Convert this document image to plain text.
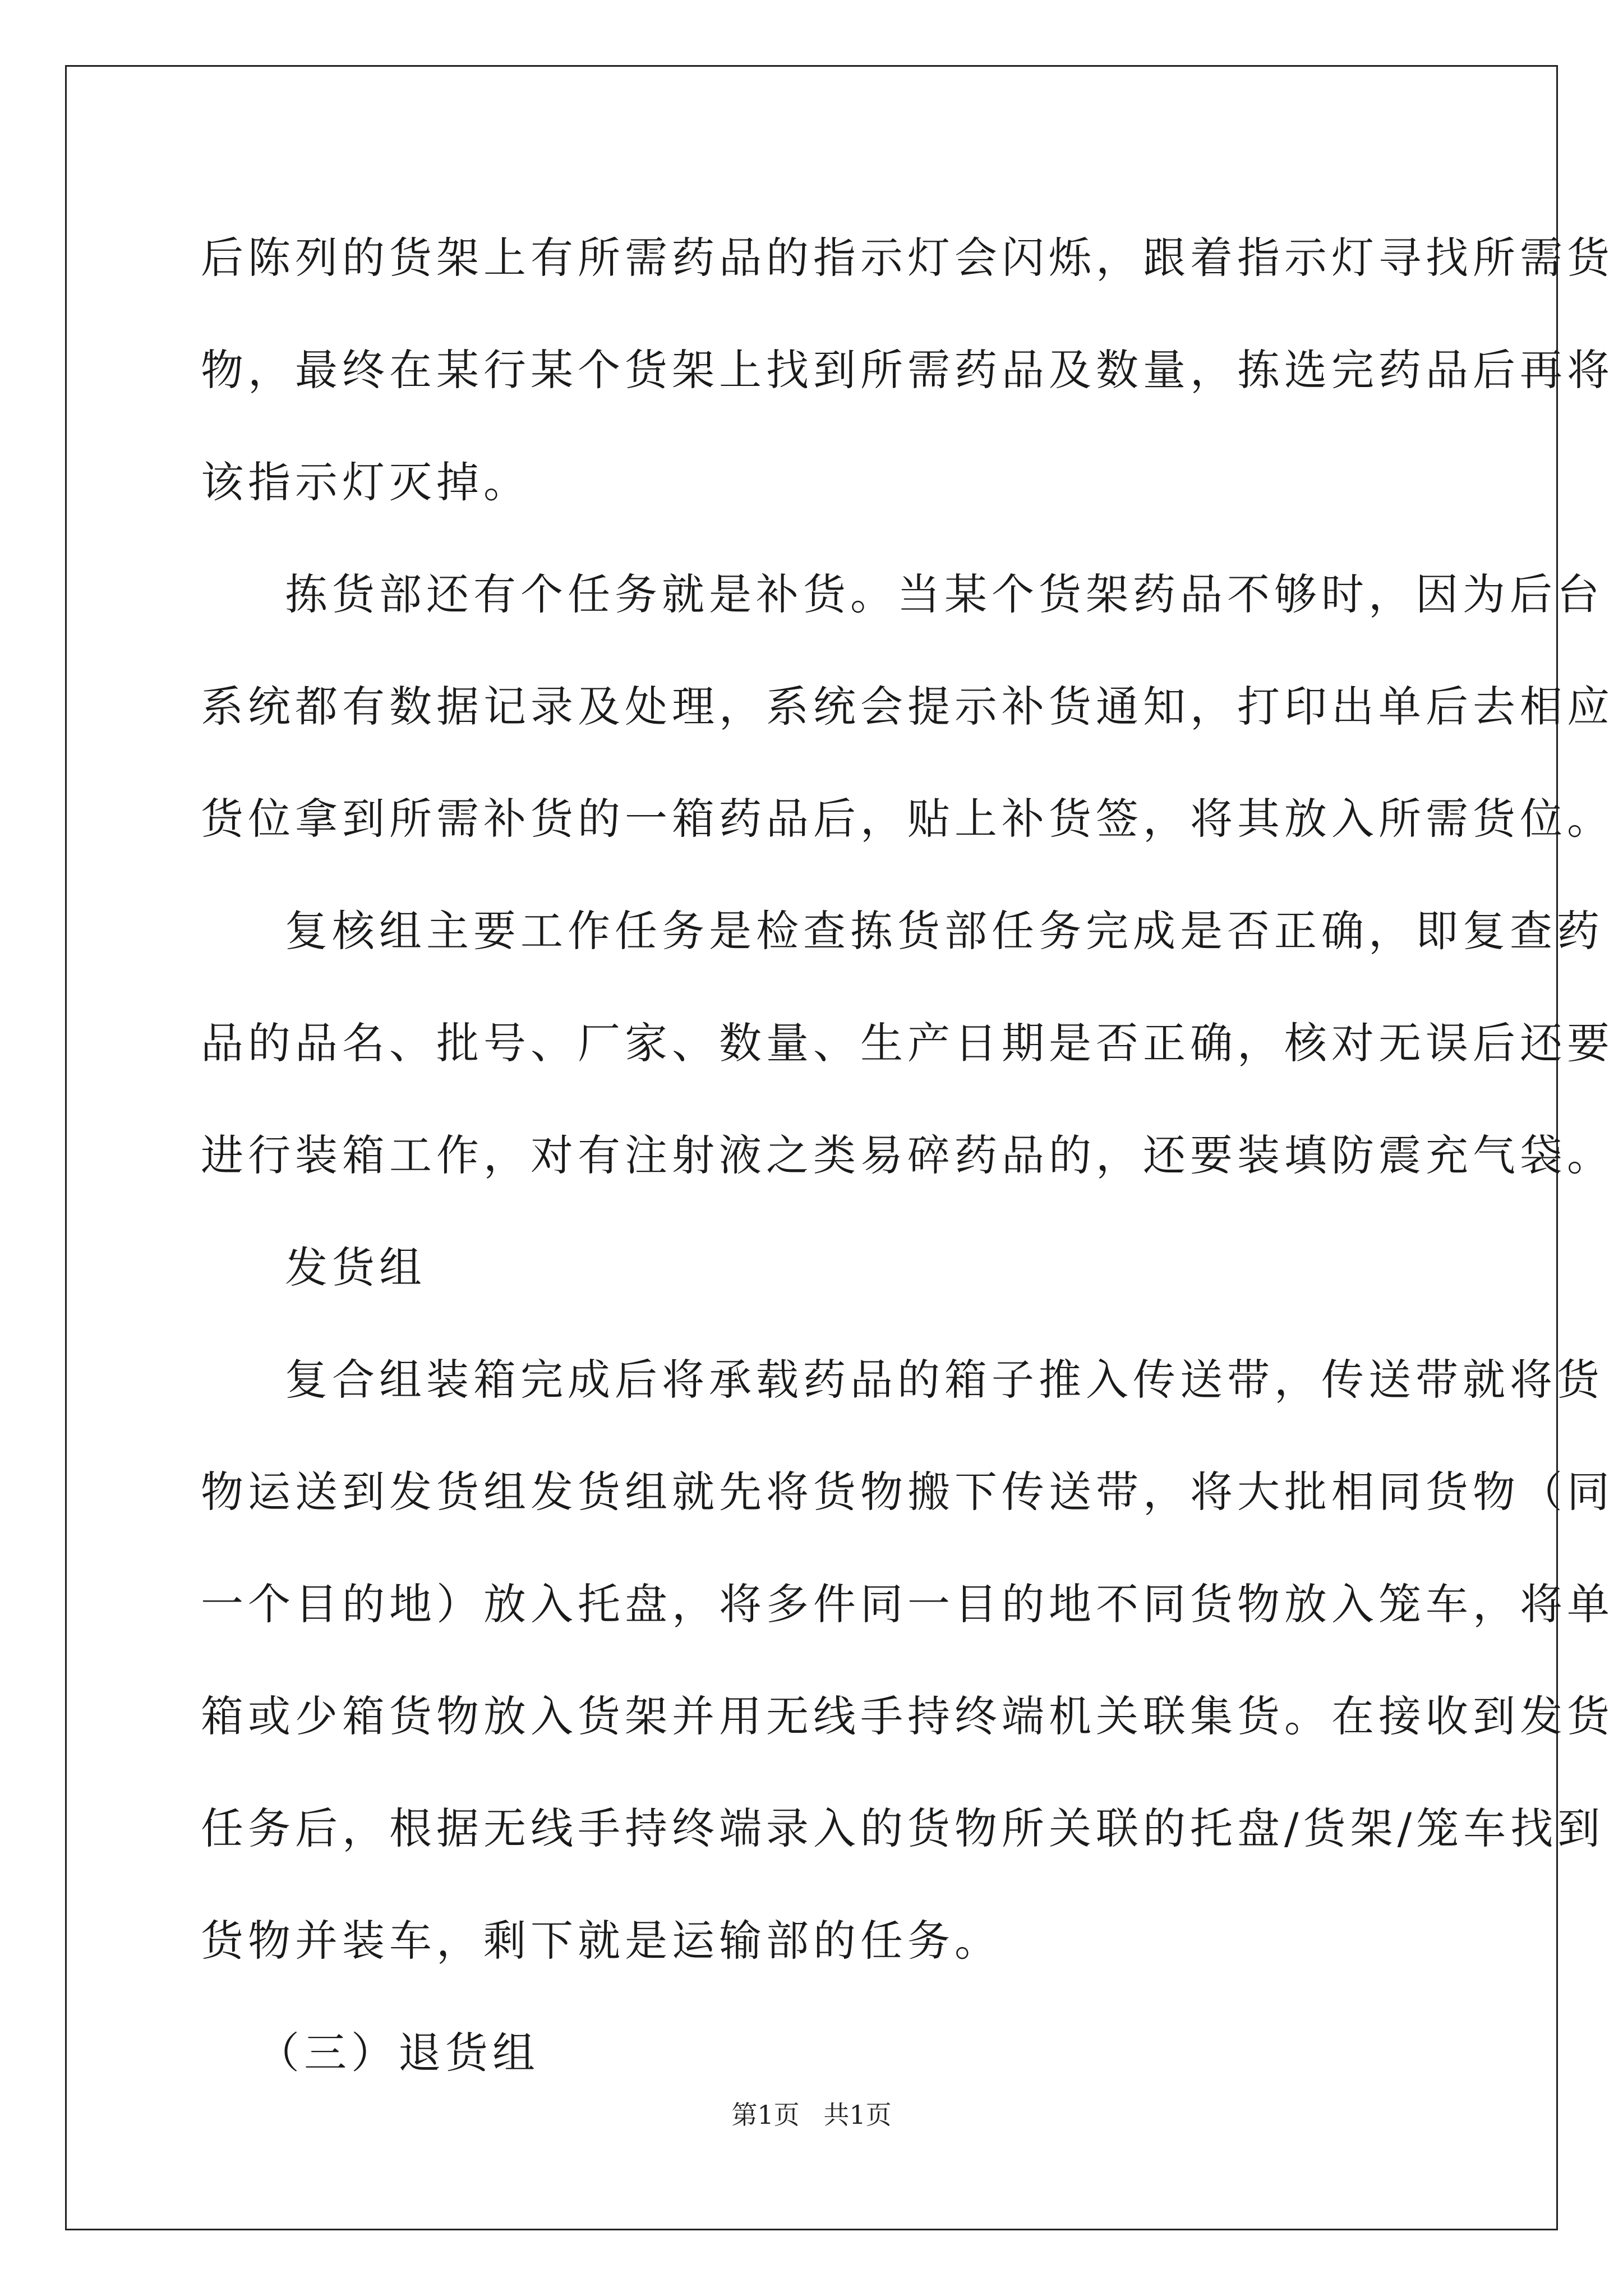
后陈列的货架上有所需药品的指示灯会闪烁，跟着指示灯寻找所需货
物，最终在某行某个货架上找到所需药品及数量，拣选完药品后再将
该指示灯灭掉。
拣货部还有个任务就是补货。当某个货架药品不够时，因为后台
系统都有数据记录及处理，系统会提示补货通知，打印出单后去相应
货位拿到所需补货的一箱药品后，贴上补货签，将其放入所需货位。
复核组主要工作任务是检查拣货部任务完成是否正确，即复查药
品的品名、批号、厂家、数量、生产日期是否正确，核对无误后还要
进行装箱工作，对有注射液之类易碎药品的，还要装填防震充气袋。
发货组
复合组装箱完成后将承载药品的箱子推入传送带，传送带就将货
物运送到发货组发货组就先将货物搬下传送带，将大批相同货物（同
一个目的地）放入托盘，将多件同一目的地不同货物放入笼车，将单
箱或少箱货物放入货架并用无线手持终端机关联集货。在接收到发货
任务后，根据无线手持终端录入的货物所关联的托盘/货架/笼车找到
货物并装车，剩下就是运输部的任务。
（三）退货组
第1页 共1页
